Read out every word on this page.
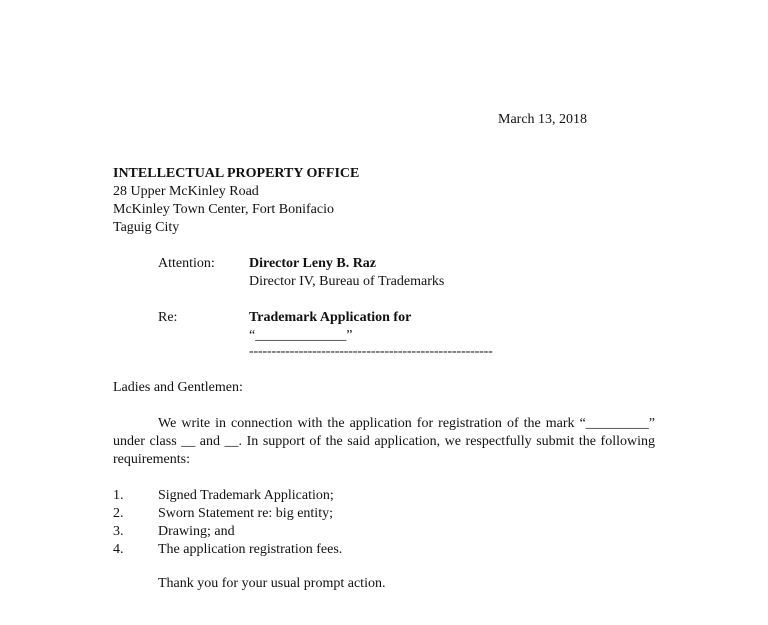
March 13, 2018
INTELLECTUAL PROPERTY OFFICE
28 Upper McKinley Road
McKinley Town Center, Fort Bonifacio
Taguig City
Attention: Director Leny B. Raz
Director IV, Bureau of Trademarks
Re:	Trademark Application for
“_____________”
------------------------------------------------------
Ladies and Gentlemen:
We write in connection with the application for registration of the mark “_________” under class __ and __. In support of the said application, we respectfully submit the following requirements:
1. Signed Trademark Application;
2. Sworn Statement re: big entity;
3. Drawing; and
4. The application registration fees.
Thank you for your usual prompt action.
